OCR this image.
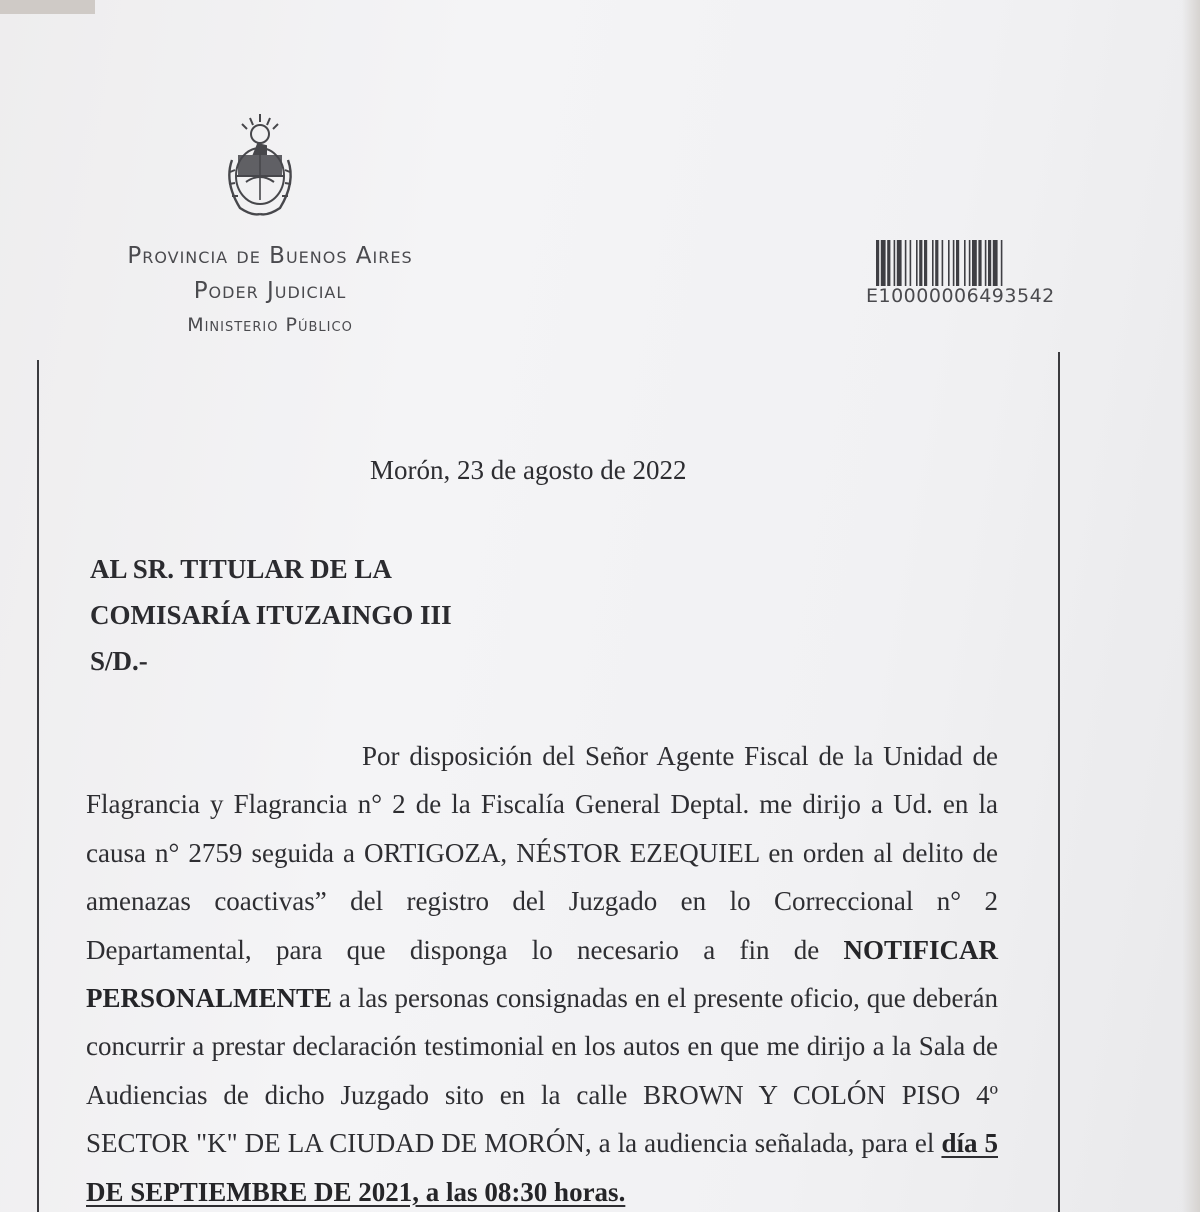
Provincia de Buenos Aires
Poder Judicial
Ministerio Público
E10000006493542
Morón, 23 de agosto de 2022
AL SR. TITULAR DE LA
COMISARÍA ITUZAINGO III
S/D.-
Por disposición del Señor Agente Fiscal de la Unidad de Flagrancia y Flagrancia n° 2 de la Fiscalía General Deptal. me dirijo a Ud. en la causa n° 2759 seguida a ORTIGOZA, NÉSTOR EZEQUIEL en orden al delito de amenazas coactivas” del registro del Juzgado en lo Correccional n° 2 Departamental, para que disponga lo necesario a fin de NOTIFICAR PERSONALMENTE a las personas consignadas en el presente oficio, que deberán concurrir a prestar declaración testimonial en los autos en que me dirijo a la Sala de Audiencias de dicho Juzgado sito en la calle BROWN Y COLÓN PISO 4º SECTOR "K" DE LA CIUDAD DE MORÓN, a la audiencia señalada, para el día 5 DE SEPTIEMBRE DE 2021, a las 08:30 horas.
